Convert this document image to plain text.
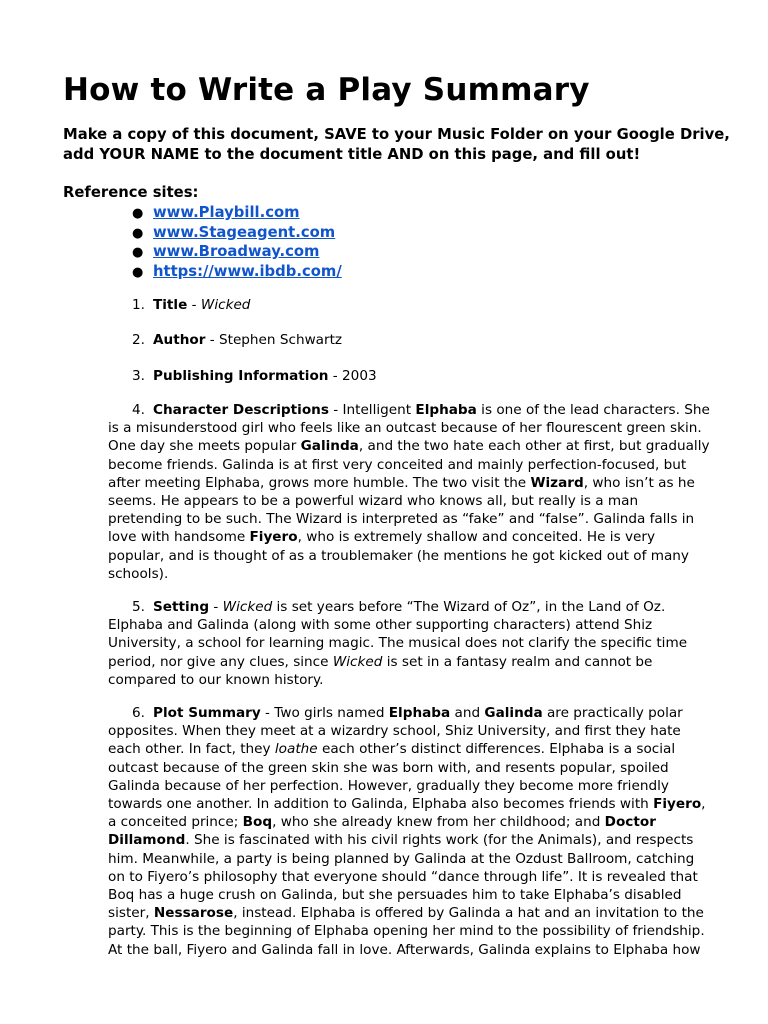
How to Write a Play Summary

Make a copy of this document, SAVE to your Music Folder on your Google Drive, add YOUR NAME to the document title AND on this page, and fill out!

Reference sites:

● www.Playbill.com
● www.Stageagent.com
● www.Broadway.com
● https://www.ibdb.com/

1. Title - Wicked

2. Author - Stephen Schwartz

3. Publishing Information - 2003

4. Character Descriptions - Intelligent Elphaba is one of the lead characters. She
is a misunderstood girl who feels like an outcast because of her flourescent green skin.
One day she meets popular Galinda, and the two hate each other at first, but gradually
become friends. Galinda is at first very conceited and mainly perfection-focused, but
after meeting Elphaba, grows more humble. The two visit the Wizard, who isn’t as he
seems. He appears to be a powerful wizard who knows all, but really is a man
pretending to be such. The Wizard is interpreted as “fake” and “false”. Galinda falls in
love with handsome Fiyero, who is extremely shallow and conceited. He is very
popular, and is thought of as a troublemaker (he mentions he got kicked out of many
schools).
5. Setting - Wicked is set years before “The Wizard of Oz”, in the Land of Oz.
Elphaba and Galinda (along with some other supporting characters) attend Shiz
University, a school for learning magic. The musical does not clarify the specific time
period, nor give any clues, since Wicked is set in a fantasy realm and cannot be
compared to our known history.
6. Plot Summary - Two girls named Elphaba and Galinda are practically polar
opposites. When they meet at a wizardry school, Shiz University, and first they hate
each other. In fact, they loathe each other’s distinct differences. Elphaba is a social
outcast because of the green skin she was born with, and resents popular, spoiled
Galinda because of her perfection. However, gradually they become more friendly
towards one another. In addition to Galinda, Elphaba also becomes friends with Fiyero,
a conceited prince; Boq, who she already knew from her childhood; and Doctor
Dillamond. She is fascinated with his civil rights work (for the Animals), and respects
him. Meanwhile, a party is being planned by Galinda at the Ozdust Ballroom, catching
on to Fiyero’s philosophy that everyone should “dance through life”. It is revealed that
Boq has a huge crush on Galinda, but she persuades him to take Elphaba’s disabled
sister, Nessarose, instead. Elphaba is offered by Galinda a hat and an invitation to the
party. This is the beginning of Elphaba opening her mind to the possibility of friendship.
At the ball, Fiyero and Galinda fall in love. Afterwards, Galinda explains to Elphaba how
